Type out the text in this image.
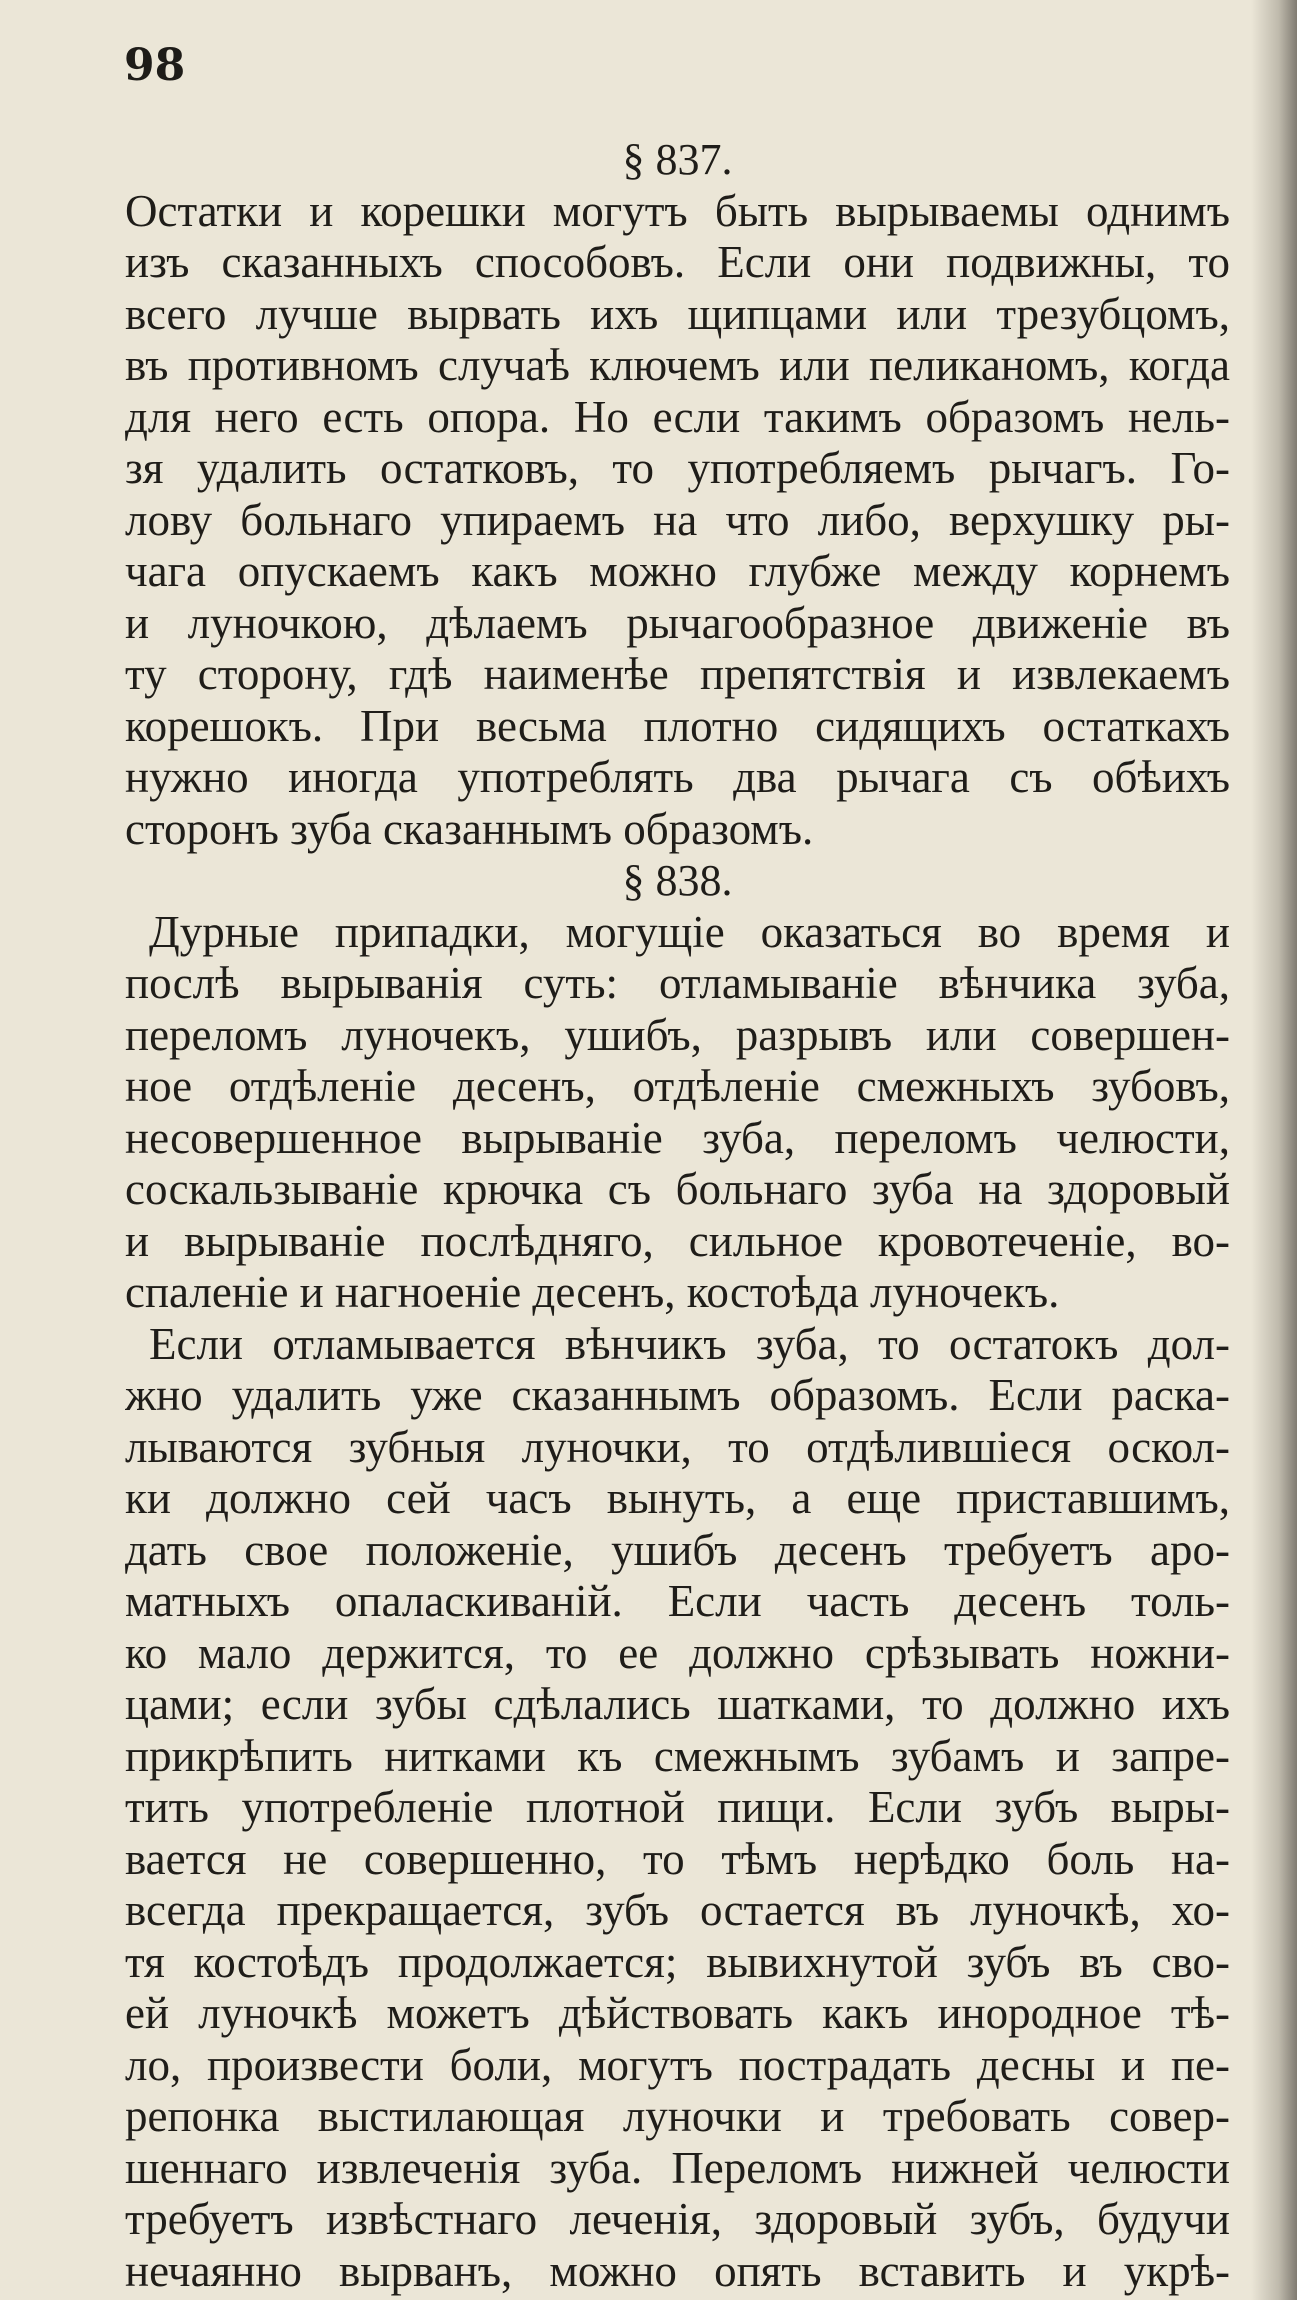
98

§ 837.

Остатки и корешки могутъ быть вырываемы однимъ
изъ сказанныхъ способовъ. Если они подвижны, то
всего лучше вырвать ихъ щипцами или трезубцомъ,
въ противномъ случаѣ ключемъ или пеликаномъ, когда
для него есть опора. Но если такимъ образомъ нель-
зя удалить остатковъ, то употребляемъ рычагъ. Го-
лову больнаго упираемъ на что либо, верхушку ры-
чага опускаемъ какъ можно глубже между корнемъ
и луночкою, дѣлаемъ рычагообразное движеніе въ
ту сторону, гдѣ наименѣе препятствія и извлекаемъ
корешокъ. При весьма плотно сидящихъ остаткахъ
нужно иногда употреблять два рычага съ обѣихъ
сторонъ зуба сказаннымъ образомъ.

§ 838.

Дурные припадки, могущіе оказаться во время и
послѣ вырыванія суть: отламываніе вѣнчика зуба,
переломъ луночекъ, ушибъ, разрывъ или совершен-
ное отдѣленіе десенъ, отдѣленіе смежныхъ зубовъ,
несовершенное вырываніе зуба, переломъ челюсти,
соскальзываніе крючка съ больнаго зуба на здоровый
и вырываніе послѣдняго, сильное кровотеченіе, во-
спаленіе и нагноеніе десенъ, костоѣда луночекъ.
Если отламывается вѣнчикъ зуба, то остатокъ дол-
жно удалить уже сказаннымъ образомъ. Если раска-
лываются зубныя луночки, то отдѣлившіеся оскол-
ки должно сей часъ вынуть, а еще приставшимъ,
дать свое положеніе, ушибъ десенъ требуетъ аро-
матныхъ опаласкиваній. Если часть десенъ толь-
ко мало держится, то ее должно срѣзывать ножни-
цами; если зубы сдѣлались шатками, то должно ихъ
прикрѣпить нитками къ смежнымъ зубамъ и запре-
тить употребленіе плотной пищи. Если зубъ выры-
вается не совершенно, то тѣмъ нерѣдко боль на-
всегда прекращается, зубъ остается въ луночкѣ, хо-
тя костоѣдъ продолжается; вывихнутой зубъ въ сво-
ей луночкѣ можетъ дѣйствовать какъ инородное тѣ-
ло, произвести боли, могутъ пострадать десны и пе-
репонка выстилающая луночки и требовать совер-
шеннаго извлеченія зуба. Переломъ нижней челюсти
требуетъ извѣстнаго леченія, здоровый зубъ, будучи
нечаянно вырванъ, можно опять вставить и укрѣ-
